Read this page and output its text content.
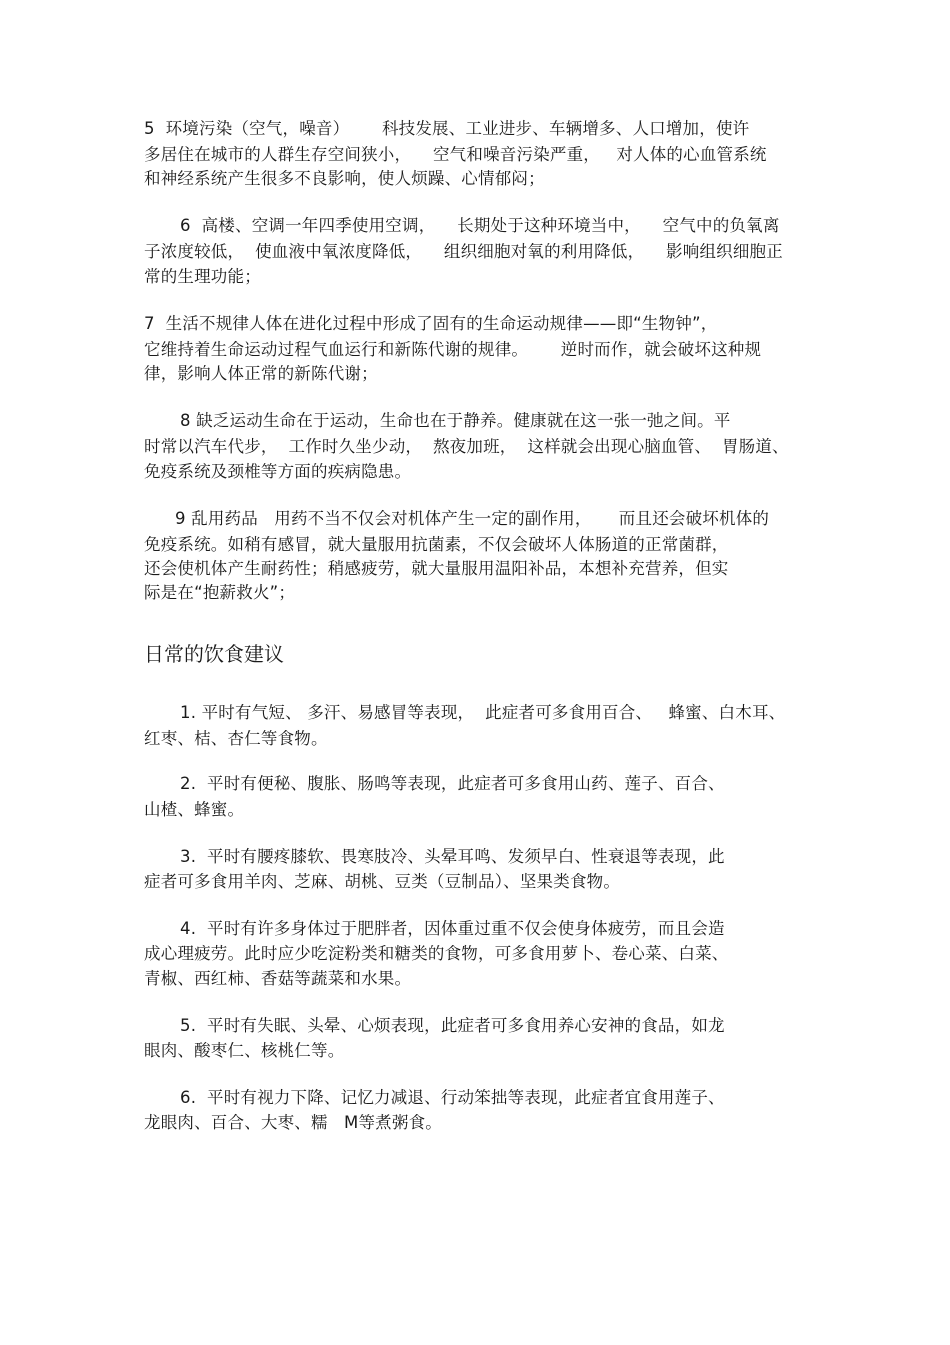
5  环境污染（空气，噪音）      科技发展、工业进步、车辆增多、人口增加，使许
多居住在城市的人群生存空间狭小，    空气和噪音污染严重，   对人体的心血管系统
和神经系统产生很多不良影响，使人烦躁、心情郁闷；
6  高楼、空调一年四季使用空调，    长期处于这种环境当中，    空气中的负氧离
子浓度较低，  使血液中氧浓度降低，    组织细胞对氧的利用降低，    影响组织细胞正
常的生理功能；
7  生活不规律人体在进化过程中形成了固有的生命运动规律——即“生物钟”，
它维持着生命运动过程气血运行和新陈代谢的规律。      逆时而作，就会破坏这种规
律，影响人体正常的新陈代谢；
8 缺乏运动生命在于运动，生命也在于静养。健康就在这一张一弛之间。平
时常以汽车代步，  工作时久坐少动，  熬夜加班，  这样就会出现心脑血管、  胃肠道、
免疫系统及颈椎等方面的疾病隐患。
9 乱用药品   用药不当不仅会对机体产生一定的副作用，     而且还会破坏机体的
免疫系统。如稍有感冒，就大量服用抗菌素，不仅会破坏人体肠道的正常菌群，
还会使机体产生耐药性；稍感疲劳，就大量服用温阳补品，本想补充营养，但实
际是在“抱薪救火”；
日常的饮食建议
1. 平时有气短、 多汗、易感冒等表现，  此症者可多食用百合、   蜂蜜、白木耳、
红枣、桔、杏仁等食物。
2.  平时有便秘、腹胀、肠鸣等表现，此症者可多食用山药、莲子、百合、
山楂、蜂蜜。
3.  平时有腰疼膝软、畏寒肢冷、头晕耳鸣、发须早白、性衰退等表现，此
症者可多食用羊肉、芝麻、胡桃、豆类（豆制品）、坚果类食物。
4.  平时有许多身体过于肥胖者，因体重过重不仅会使身体疲劳，而且会造
成心理疲劳。此时应少吃淀粉类和糖类的食物，可多食用萝卜、卷心菜、白菜、
青椒、西红柿、香菇等蔬菜和水果。
5.  平时有失眠、头晕、心烦表现，此症者可多食用养心安神的食品，如龙
眼肉、酸枣仁、核桃仁等。
6.  平时有视力下降、记忆力减退、行动笨拙等表现，此症者宜食用莲子、
龙眼肉、百合、大枣、糯   M等煮粥食。
